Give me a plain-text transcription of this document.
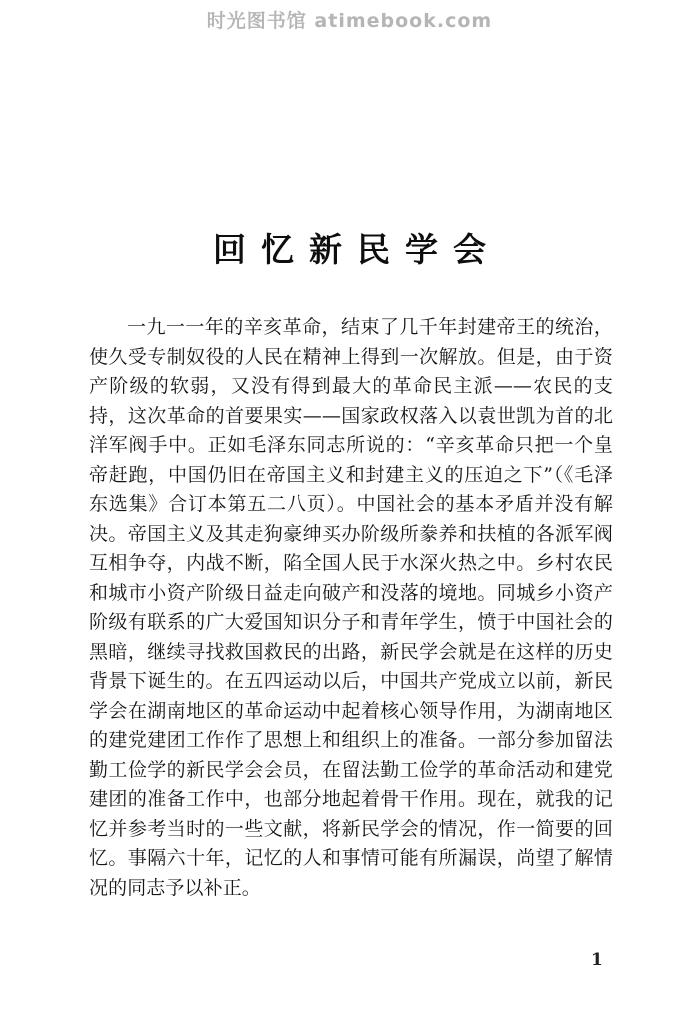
时光图书馆 atimebook.com
回忆新民学会

一九一一年的辛亥革命，结束了几千年封建帝王的统治，使久受专制奴役的人民在精神上得到一次解放。但是，由于资产阶级的软弱，又没有得到最大的革命民主派——农民的支持，这次革命的首要果实——国家政权落入以袁世凯为首的北洋军阀手中。正如毛泽东同志所说的：“辛亥革命只把一个皇帝赶跑，中国仍旧在帝国主义和封建主义的压迫之下”（《毛泽东选集》合订本第五二八页）。中国社会的基本矛盾并没有解决。帝国主义及其走狗豪绅买办阶级所豢养和扶植的各派军阀互相争夺，内战不断，陷全国人民于水深火热之中。乡村农民和城市小资产阶级日益走向破产和没落的境地。同城乡小资产阶级有联系的广大爱国知识分子和青年学生，愤于中国社会的黑暗，继续寻找救国救民的出路，新民学会就是在这样的历史背景下诞生的。在五四运动以后，中国共产党成立以前，新民学会在湖南地区的革命运动中起着核心领导作用，为湖南地区的建党建团工作作了思想上和组织上的准备。一部分参加留法勤工俭学的新民学会会员，在留法勤工俭学的革命活动和建党建团的准备工作中，也部分地起着骨干作用。现在，就我的记忆并参考当时的一些文献，将新民学会的情况，作一简要的回忆。事隔六十年，记忆的人和事情可能有所漏误，尚望了解情况的同志予以补正。

1
